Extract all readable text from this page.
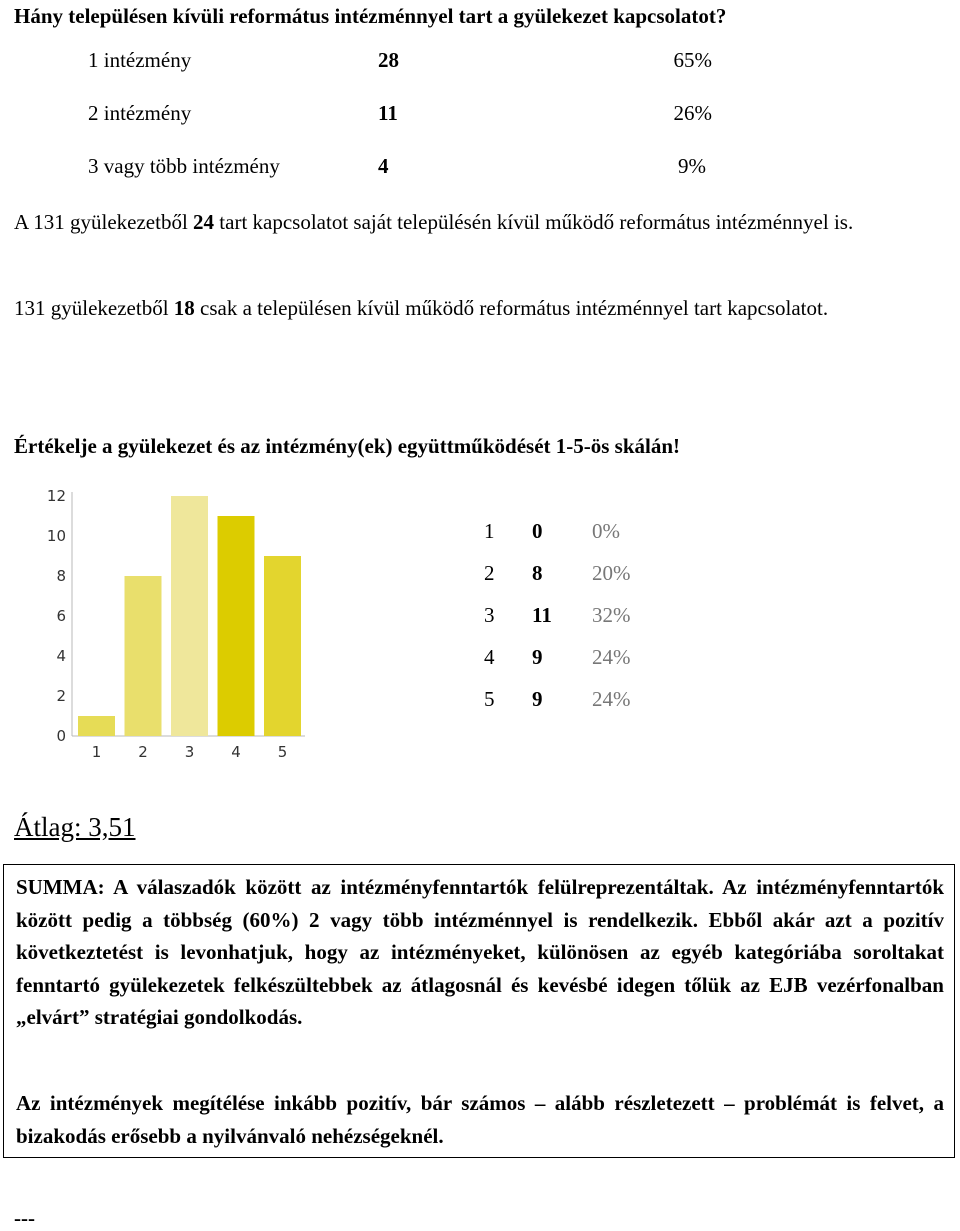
Hány településen kívüli református intézménnyel tart a gyülekezet kapcsolatot?
1 intézmény	28	65%
2 intézmény	11	26%
3 vagy több intézmény	4	9%
A 131 gyülekezetből 24 tart kapcsolatot saját településén kívül működő református intézménnyel is.
131 gyülekezetből 18 csak a településen kívül működő református intézménnyel tart kapcsolatot.
Értékelje a gyülekezet és az intézmény(ek) együttműködését 1-5-ös skálán!
0
2
4
6
8
10
12
1 2 3 4 5
1 0 0%
2 8 20%
3 11 32%
4 9 24%
5 9 24%
Átlag: 3,51
SUMMA: A válaszadók között az intézményfenntartók felülreprezentáltak. Az intézményfenntartók között pedig a többség (60%) 2 vagy több intézménnyel is rendelkezik. Ebből akár azt a pozitív következtetést is levonhatjuk, hogy az intézményeket, különösen az egyéb kategóriába soroltakat fenntartó gyülekezetek felkészültebbek az átlagosnál és kevésbé idegen tőlük az EJB vezérfonalban „elvárt” stratégiai gondolkodás.
Az intézmények megítélése inkább pozitív, bár számos – alább részletezett – problémát is felvet, a bizakodás erősebb a nyilvánvaló nehézségeknél.
---
